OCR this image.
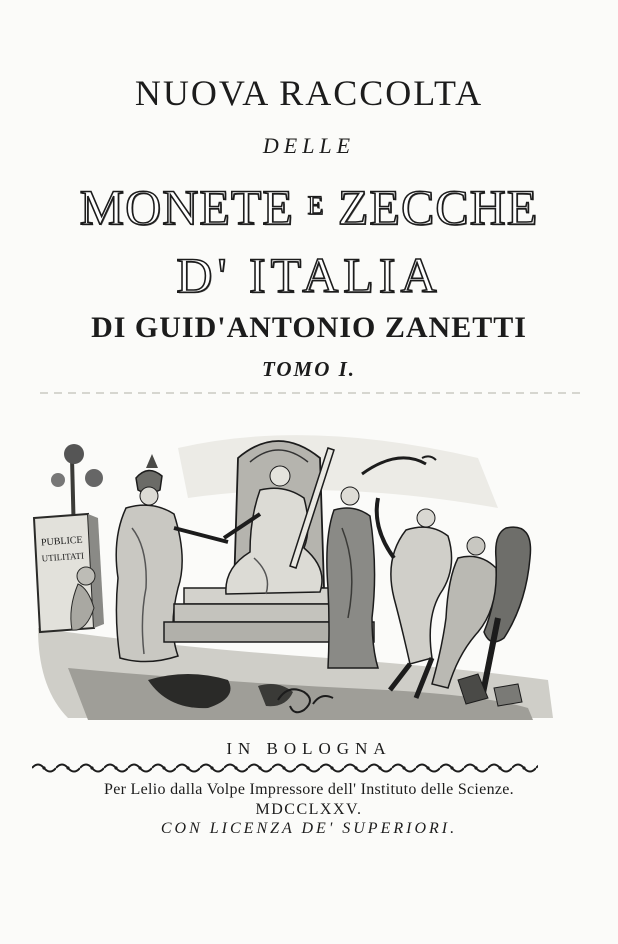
NUOVA RACCOLTA
DELLE
MONETE $^E$ ZECCHE
D' ITALIA
DI GUID'ANTONIO ZANETTI
TOMO I.
PUBLICE
UTILITATI
IN BOLOGNA
Per Lelio dalla Volpe Impressore dell' Instituto delle Scienze.
MDCCLXXV.
CON LICENZA DE' SUPERIORI.
